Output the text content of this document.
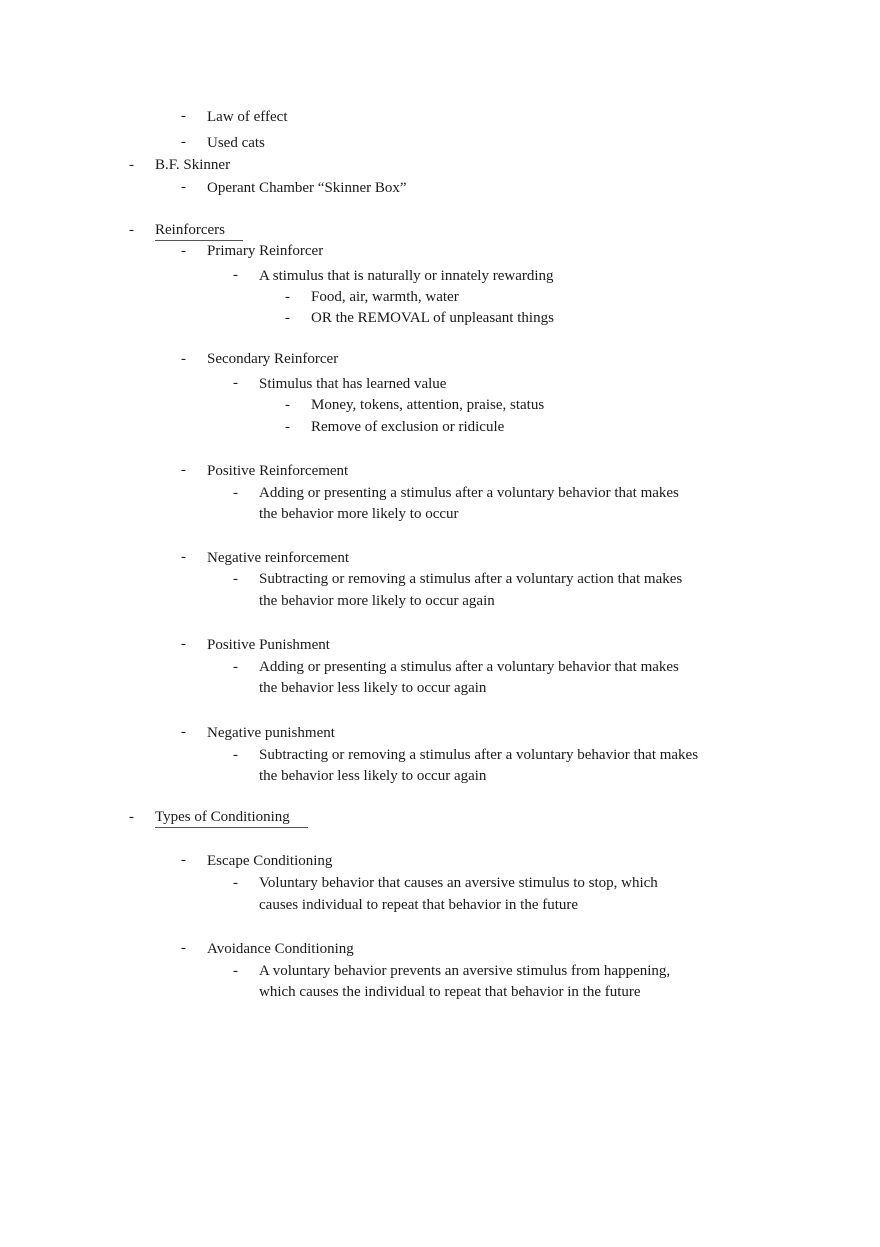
- Law of effect
- Used cats
- B.F. Skinner
- Operant Chamber “Skinner Box”
- Reinforcers
- Primary Reinforcer
- A stimulus that is naturally or innately rewarding
- Food, air, warmth, water
- OR the REMOVAL of unpleasant things
- Secondary Reinforcer
- Stimulus that has learned value
- Money, tokens, attention, praise, status
- Remove of exclusion or ridicule
- Positive Reinforcement
- Adding or presenting a stimulus after a voluntary behavior that makes
the behavior more likely to occur
- Negative reinforcement
- Subtracting or removing a stimulus after a voluntary action that makes
the behavior more likely to occur again
- Positive Punishment
- Adding or presenting a stimulus after a voluntary behavior that makes
the behavior less likely to occur again
- Negative punishment
- Subtracting or removing a stimulus after a voluntary behavior that makes
the behavior less likely to occur again
- Types of Conditioning
- Escape Conditioning
- Voluntary behavior that causes an aversive stimulus to stop, which
causes individual to repeat that behavior in the future
- Avoidance Conditioning
- A voluntary behavior prevents an aversive stimulus from happening,
which causes the individual to repeat that behavior in the future
